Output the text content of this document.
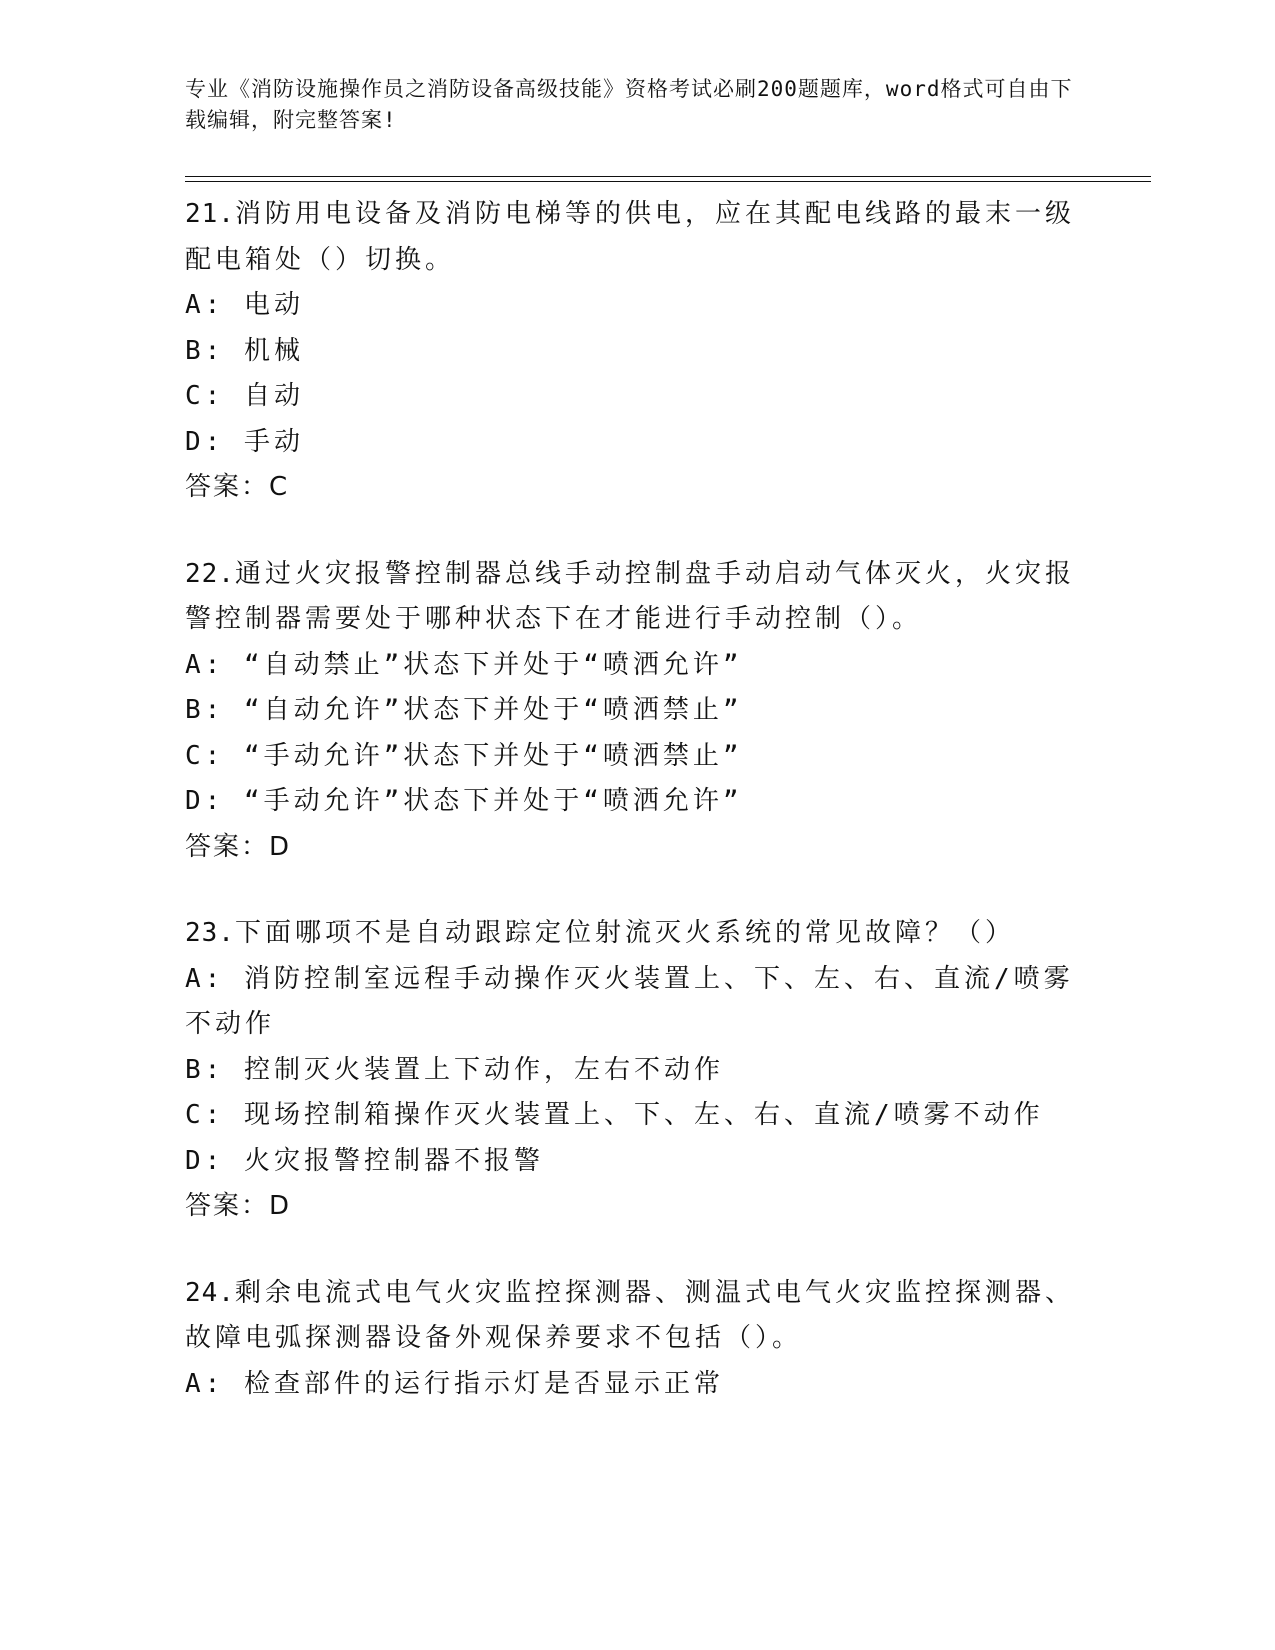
专业《消防设施操作员之消防设备高级技能》资格考试必刷200题题库，word格式可自由下载编辑，附完整答案!
21.消防用电设备及消防电梯等的供电，应在其配电线路的最末一级配电箱处（）切换。
A: 电动
B: 机械
C: 自动
D: 手动
答案：C
22.通过火灾报警控制器总线手动控制盘手动启动气体灭火，火灾报警控制器需要处于哪种状态下在才能进行手动控制（）。
A: “自动禁止”状态下并处于“喷洒允许”
B: “自动允许”状态下并处于“喷洒禁止”
C: “手动允许”状态下并处于“喷洒禁止”
D: “手动允许”状态下并处于“喷洒允许”
答案：D
23.下面哪项不是自动跟踪定位射流灭火系统的常见故障？（）
A: 消防控制室远程手动操作灭火装置上、下、左、右、直流/喷雾不动作
B: 控制灭火装置上下动作，左右不动作
C: 现场控制箱操作灭火装置上、下、左、右、直流/喷雾不动作
D: 火灾报警控制器不报警
答案：D
24.剩余电流式电气火灾监控探测器、测温式电气火灾监控探测器、故障电弧探测器设备外观保养要求不包括（）。
A: 检查部件的运行指示灯是否显示正常
